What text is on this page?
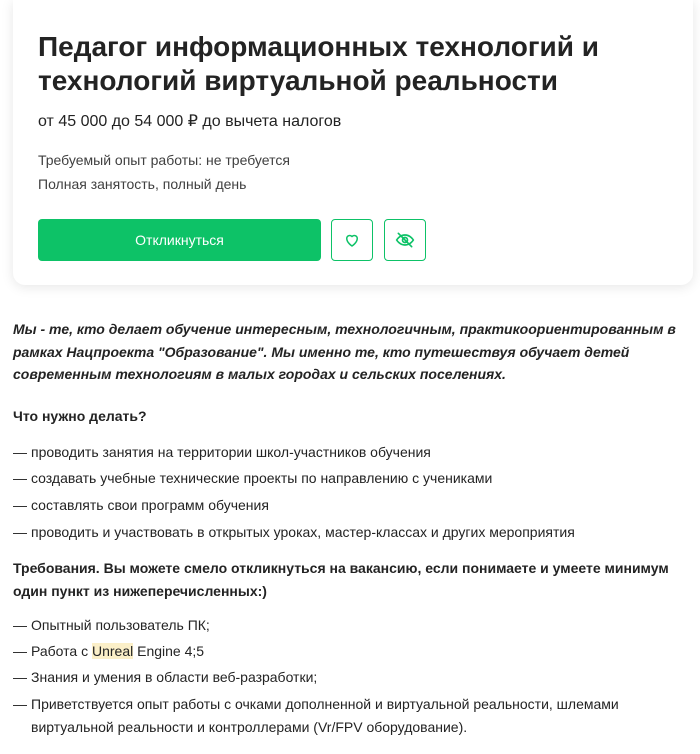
Педагог информационных технологий и технологий виртуальной реальности
от 45 000 до 54 000 ₽ до вычета налогов
Требуемый опыт работы: не требуется
Полная занятость, полный день
Откликнуться
Мы - те, кто делает обучение интересным, технологичным, практикоориентированным в рамках Нацпроекта "Образование". Мы именно те, кто путешествуя обучает детей современным технологиям в малых городах и сельских поселениях.
Что нужно делать?
— проводить занятия на территории школ-участников обучения
— создавать учебные технические проекты по направлению с учениками
— составлять свои программ обучения
— проводить и участвовать в открытых уроках, мастер-классах и других мероприятия
Требования. Вы можете смело откликнуться на вакансию, если понимаете и умеете минимум один пункт из нижеперечисленных:)
— Опытный пользователь ПК;
— Работа с Unreal Engine 4;5
— Знания и умения в области веб-разработки;
— Приветствуется опыт работы с очками дополненной и виртуальной реальности, шлемами
виртуальной реальности и контроллерами (Vr/FPV оборудование).
